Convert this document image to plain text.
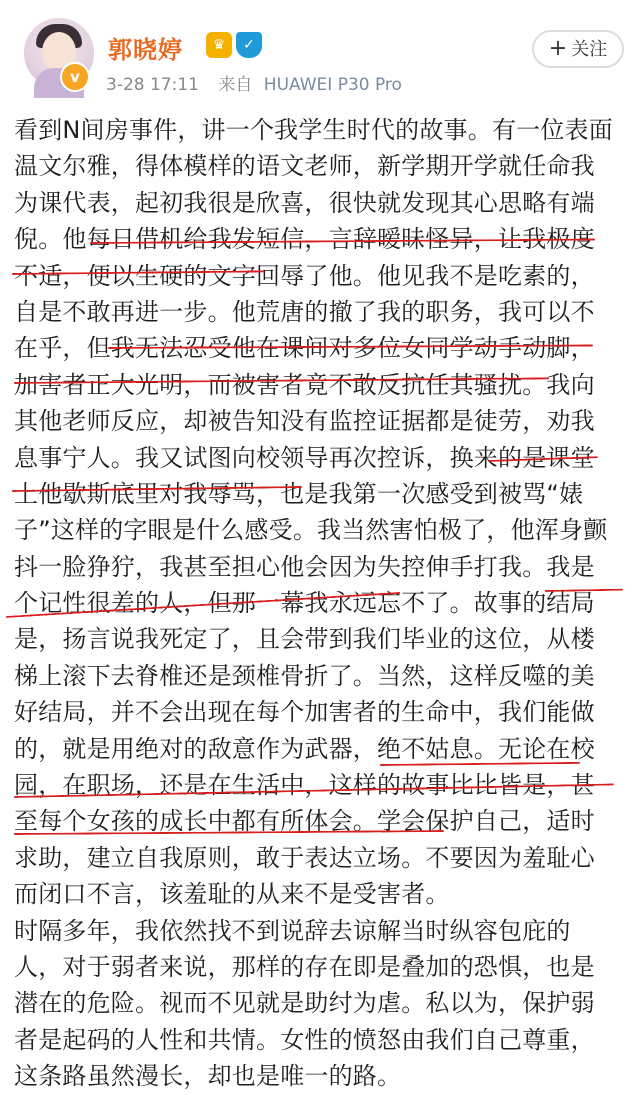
v
郭晓婷	♛	✓
3-28 17:11 来自 HUAWEI P30 Pro
+ 关注
看到N间房事件，讲一个我学生时代的故事。有一位表面
温文尔雅，得体模样的语文老师，新学期开学就任命我
为课代表，起初我很是欣喜，很快就发现其心思略有端
倪。他每日借机给我发短信，言辞暧昧怪异，让我极度
不适，便以生硬的文字回辱了他。他见我不是吃素的，
自是不敢再进一步。他荒唐的撤了我的职务，我可以不
在乎，但我无法忍受他在课间对多位女同学动手动脚，
加害者正大光明，而被害者竟不敢反抗任其骚扰。我向
其他老师反应，却被告知没有监控证据都是徒劳，劝我
息事宁人。我又试图向校领导再次控诉，换来的是课堂
上他歇斯底里对我辱骂，也是我第一次感受到被骂“婊
子”这样的字眼是什么感受。我当然害怕极了，他浑身颤
抖一脸狰狞，我甚至担心他会因为失控伸手打我。我是
个记性很差的人，但那一幕我永远忘不了。故事的结局
是，扬言说我死定了，且会带到我们毕业的这位，从楼
梯上滚下去脊椎还是颈椎骨折了。当然，这样反噬的美
好结局，并不会出现在每个加害者的生命中，我们能做
的，就是用绝对的敌意作为武器，绝不姑息。无论在校
园，在职场，还是在生活中，这样的故事比比皆是，甚
至每个女孩的成长中都有所体会。学会保护自己，适时
求助，建立自我原则，敢于表达立场。不要因为羞耻心
而闭口不言，该羞耻的从来不是受害者。
时隔多年，我依然找不到说辞去谅解当时纵容包庇的
人，对于弱者来说，那样的存在即是叠加的恐惧，也是
潜在的危险。视而不见就是助纣为虐。私以为，保护弱
者是起码的人性和共情。女性的愤怒由我们自己尊重，
这条路虽然漫长，却也是唯一的路。
